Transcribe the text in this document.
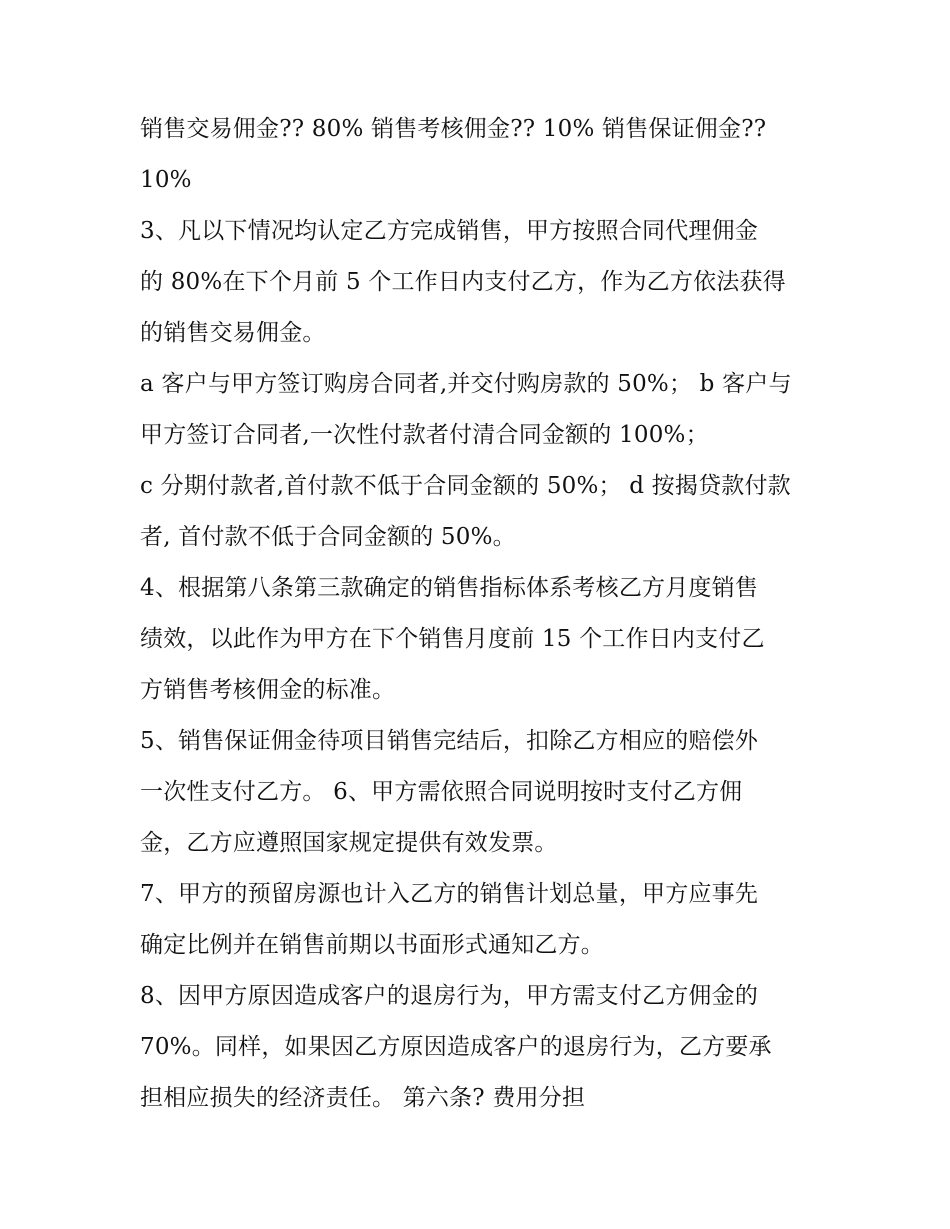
销售交易佣金?? 80% 销售考核佣金?? 10% 销售保证佣金??
10%
3、凡以下情况均认定乙方完成销售，甲方按照合同代理佣金
的 80%在下个月前 5 个工作日内支付乙方，作为乙方依法获得
的销售交易佣金。
a 客户与甲方签订购房合同者,并交付购房款的 50%； b 客户与
甲方签订合同者,一次性付款者付清合同金额的 100%；
c 分期付款者,首付款不低于合同金额的 50%； d 按揭贷款付款
者, 首付款不低于合同金额的 50%。
4、根据第八条第三款确定的销售指标体系考核乙方月度销售
绩效，以此作为甲方在下个销售月度前 15 个工作日内支付乙
方销售考核佣金的标准。
5、销售保证佣金待项目销售完结后，扣除乙方相应的赔偿外
一次性支付乙方。 6、甲方需依照合同说明按时支付乙方佣
金，乙方应遵照国家规定提供有效发票。
7、甲方的预留房源也计入乙方的销售计划总量，甲方应事先
确定比例并在销售前期以书面形式通知乙方。
8、因甲方原因造成客户的退房行为，甲方需支付乙方佣金的
70%。同样，如果因乙方原因造成客户的退房行为，乙方要承
担相应损失的经济责任。 第六条? 费用分担
